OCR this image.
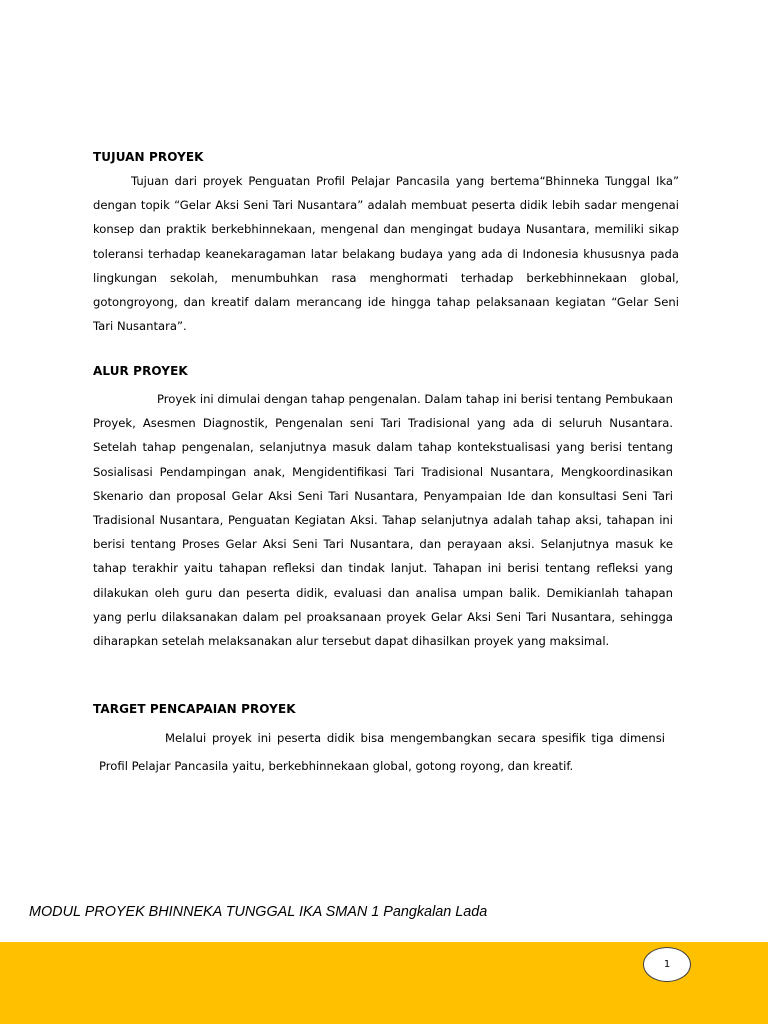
TUJUAN PROYEK

Tujuan dari proyek Penguatan Profil Pelajar Pancasila yang bertema“Bhinneka Tunggal Ika” dengan topik “Gelar Aksi Seni Tari Nusantara” adalah membuat peserta didik lebih sadar mengenai konsep dan praktik berkebhinnekaan, mengenal dan mengingat budaya Nusantara, memiliki sikap toleransi terhadap keanekaragaman latar belakang budaya yang ada di Indonesia khususnya pada lingkungan sekolah, menumbuhkan rasa menghormati terhadap berkebhinnekaan global, gotongroyong, dan kreatif dalam merancang ide hingga tahap pelaksanaan kegiatan “Gelar Seni Tari Nusantara”.

ALUR PROYEK

Proyek ini dimulai dengan tahap pengenalan. Dalam tahap ini berisi tentang Pembukaan Proyek, Asesmen Diagnostik, Pengenalan seni Tari Tradisional yang ada di seluruh Nusantara. Setelah tahap pengenalan, selanjutnya masuk dalam tahap kontekstualisasi yang berisi tentang Sosialisasi Pendampingan anak, Mengidentifikasi Tari Tradisional Nusantara, Mengkoordinasikan Skenario dan proposal Gelar Aksi Seni Tari Nusantara, Penyampaian Ide dan konsultasi Seni Tari Tradisional Nusantara, Penguatan Kegiatan Aksi. Tahap selanjutnya adalah tahap aksi, tahapan ini berisi tentang Proses Gelar Aksi Seni Tari Nusantara, dan perayaan aksi. Selanjutnya masuk ke tahap terakhir yaitu tahapan refleksi dan tindak lanjut. Tahapan ini berisi tentang refleksi yang dilakukan oleh guru dan peserta didik, evaluasi dan analisa umpan balik. Demikianlah tahapan yang perlu dilaksanakan dalam pel proaksanaan proyek Gelar Aksi Seni Tari Nusantara, sehingga diharapkan setelah melaksanakan alur tersebut dapat dihasilkan proyek yang maksimal.

TARGET PENCAPAIAN PROYEK

Melalui proyek ini peserta didik bisa mengembangkan secara spesifik tiga dimensi Profil Pelajar Pancasila yaitu, berkebhinnekaan global, gotong royong, dan kreatif.

MODUL PROYEK BHINNEKA TUNGGAL IKA SMAN 1 Pangkalan Lada
1
